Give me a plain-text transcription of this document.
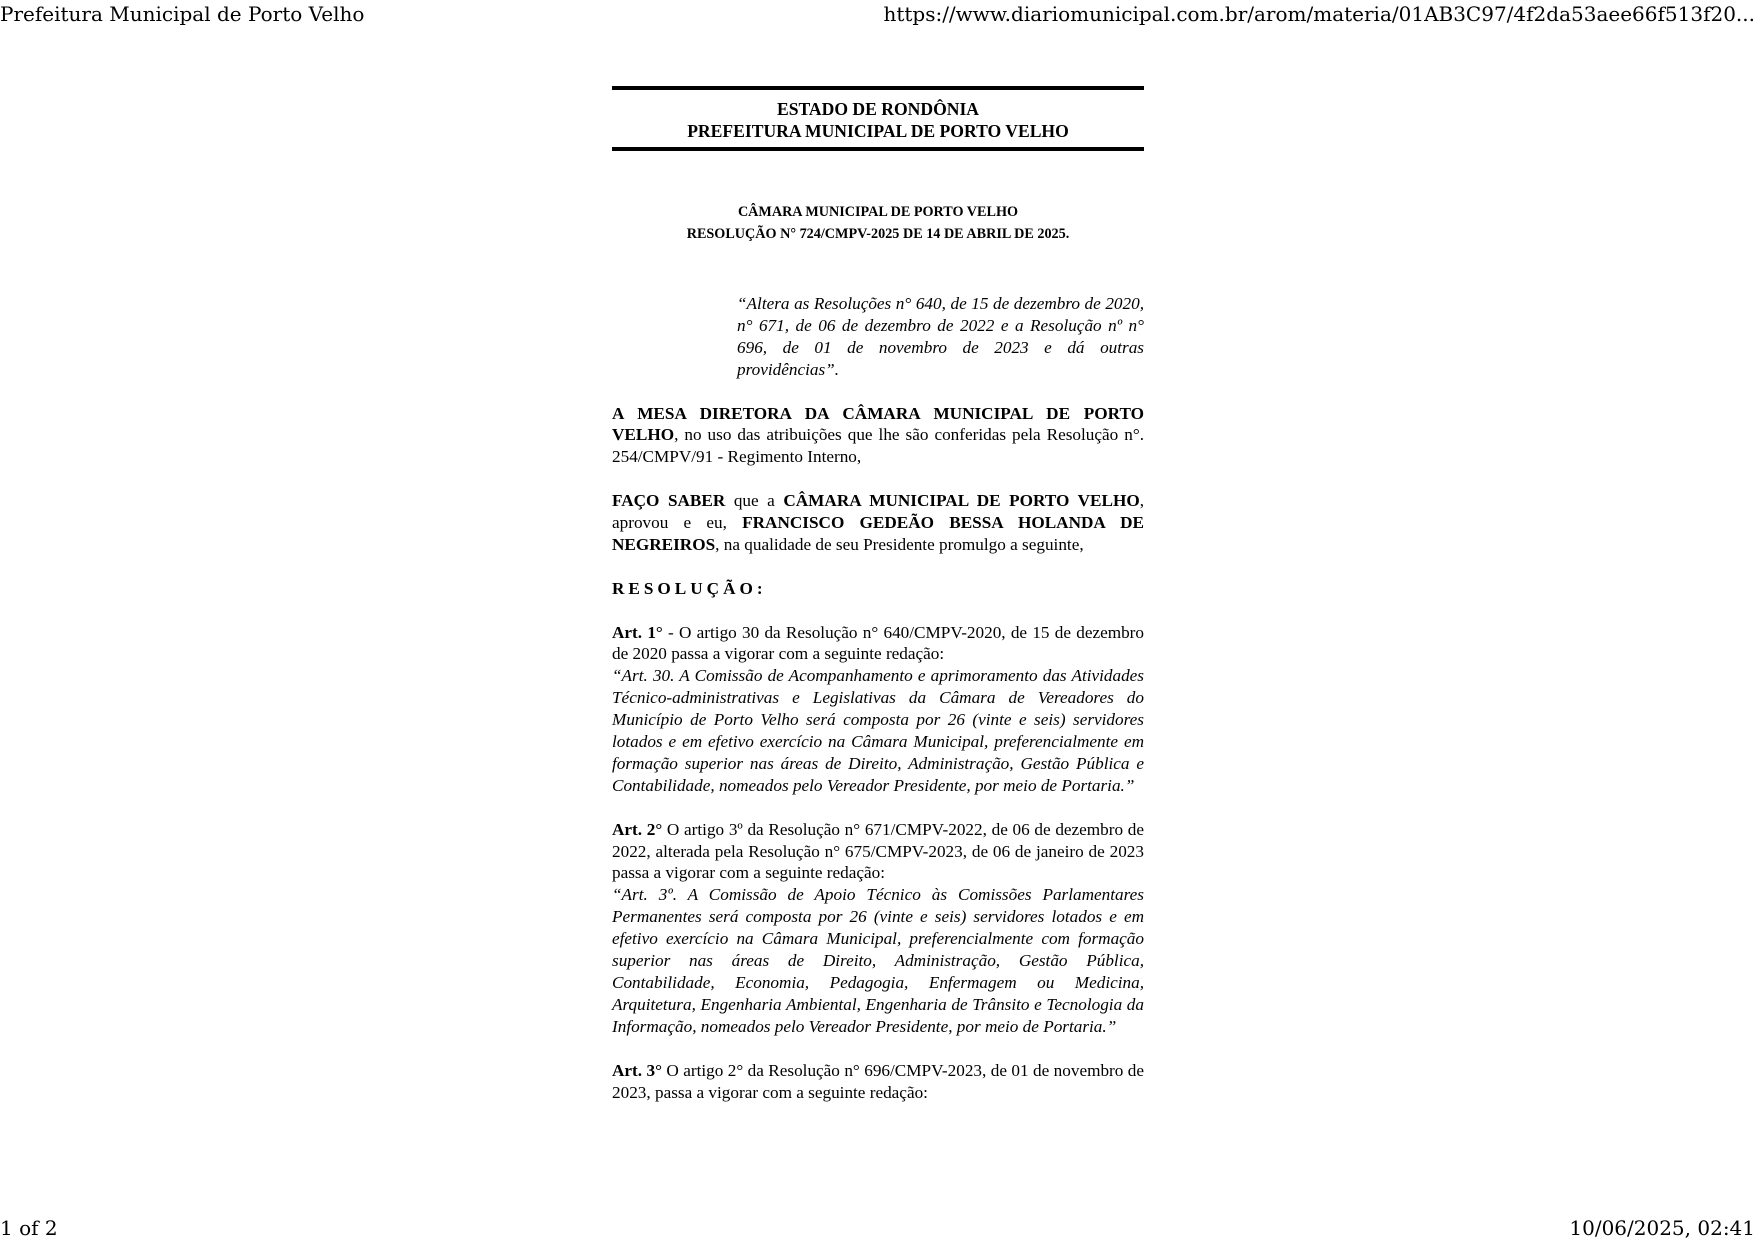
Prefeitura Municipal de Porto Velho	https://www.diariomunicipal.com.br/arom/materia/01AB3C97/4f2da53aee66f513f20...
ESTADO DE RONDÔNIA
PREFEITURA MUNICIPAL DE PORTO VELHO
CÂMARA MUNICIPAL DE PORTO VELHO
RESOLUÇÃO N° 724/CMPV-2025 DE 14 DE ABRIL DE 2025.
“Altera as Resoluções n° 640, de 15 de dezembro de 2020, n° 671, de 06 de dezembro de 2022 e a Resolução nº n° 696, de 01 de novembro de 2023 e dá outras providências”.

A MESA DIRETORA DA CÂMARA MUNICIPAL DE PORTO VELHO, no uso das atribuições que lhe são conferidas pela Resolução n°. 254/CMPV/91 - Regimento Interno,

FAÇO SABER que a CÂMARA MUNICIPAL DE PORTO VELHO, aprovou e eu, FRANCISCO GEDEÃO BESSA HOLANDA DE NEGREIROS, na qualidade de seu Presidente promulgo a seguinte,

RESOLUÇÃO:

Art. 1° - O artigo 30 da Resolução n° 640/CMPV-2020, de 15 de dezembro de 2020 passa a vigorar com a seguinte redação:

“Art. 30. A Comissão de Acompanhamento e aprimoramento das Atividades Técnico-administrativas e Legislativas da Câmara de Vereadores do Município de Porto Velho será composta por 26 (vinte e seis) servidores lotados e em efetivo exercício na Câmara Municipal, preferencialmente em formação superior nas áreas de Direito, Administração, Gestão Pública e Contabilidade, nomeados pelo Vereador Presidente, por meio de Portaria.”

Art. 2° O artigo 3º da Resolução n° 671/CMPV-2022, de 06 de dezembro de 2022, alterada pela Resolução n° 675/CMPV-2023, de 06 de janeiro de 2023 passa a vigorar com a seguinte redação:

“Art. 3º. A Comissão de Apoio Técnico às Comissões Parlamentares Permanentes será composta por 26 (vinte e seis) servidores lotados e em efetivo exercício na Câmara Municipal, preferencialmente com formação superior nas áreas de Direito, Administração, Gestão Pública, Contabilidade, Economia, Pedagogia, Enfermagem ou Medicina, Arquitetura, Engenharia Ambiental, Engenharia de Trânsito e Tecnologia da Informação, nomeados pelo Vereador Presidente, por meio de Portaria.”

Art. 3° O artigo 2° da Resolução n° 696/CMPV-2023, de 01 de novembro de 2023, passa a vigorar com a seguinte redação:

1 of 2	10/06/2025, 02:41
